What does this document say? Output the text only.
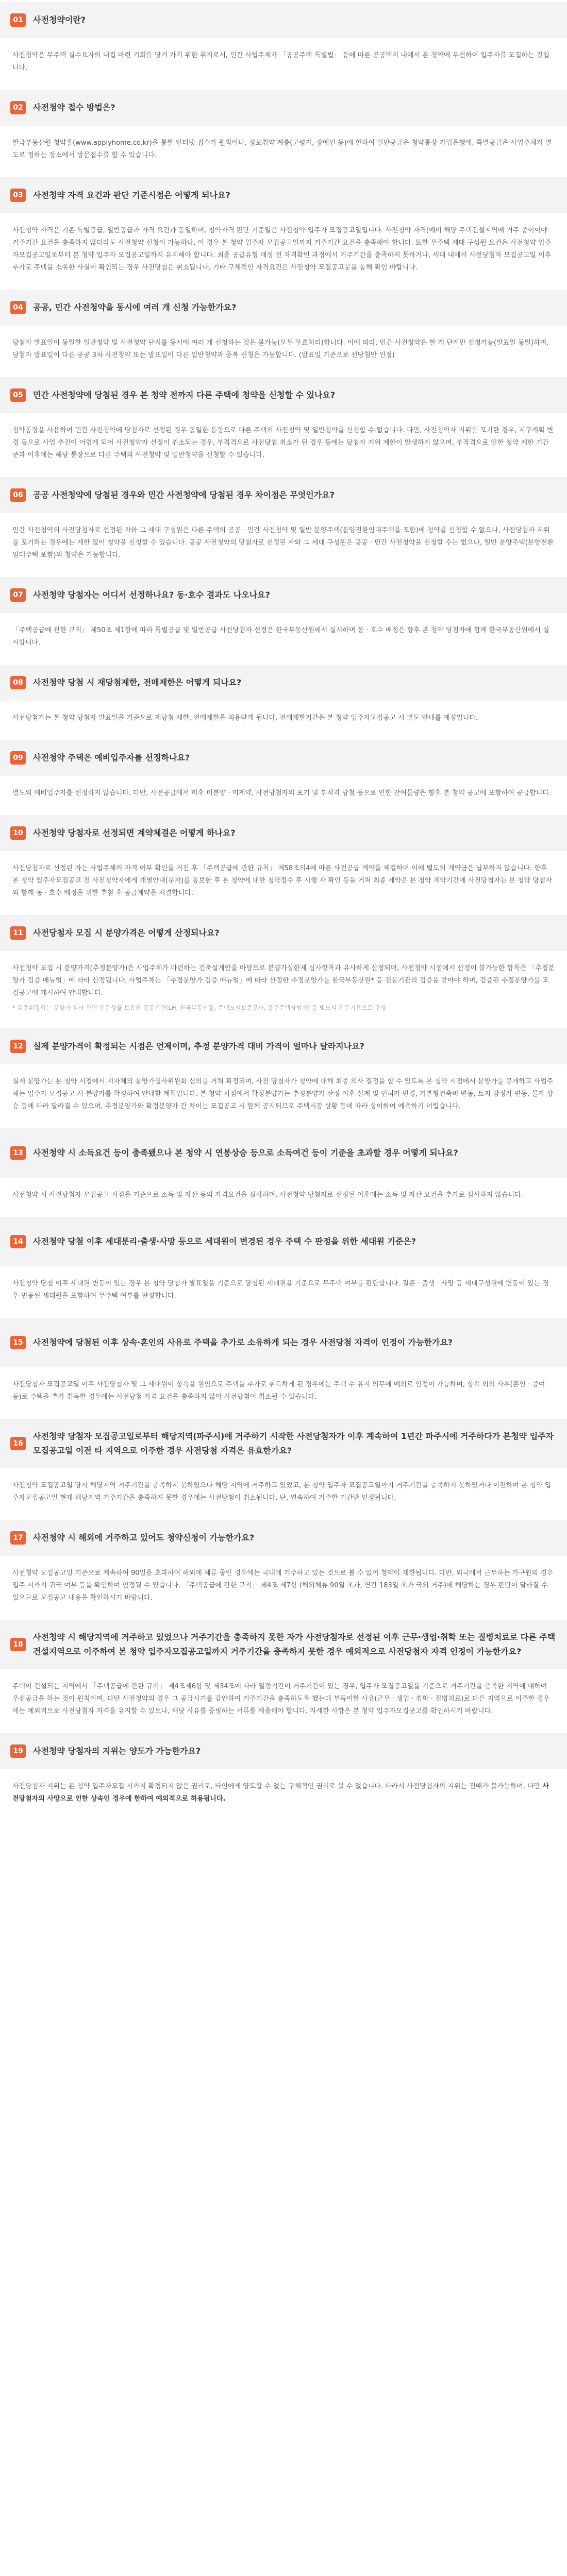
01	사전청약이란?

사전청약은 무주택 실수요자의 내집 마련 기회를 당겨 가기 위한 취지로서, 민간 사업주체가 「공공주택 특별법」 등에 따른 공공택지 내에서 본 청약에 우선하여 입주자를 모집하는 것입니다.

02	사전청약 접수 방법은?

한국부동산원 청약홈(www.applyhome.co.kr)을 통한 인터넷 접수가 원칙이나, 정보취약 계층(고령자, 장애인 등)에 한하여 일반공급은 청약통장 가입은행에, 특별공급은 사업주체가 별도로 정하는 장소에서 방문접수를 할 수 있습니다.

03	사전청약 자격 요건과 판단 기준시점은 어떻게 되나요?

사전청약 자격은 기존 특별공급, 일반공급과 자격 요건과 동일하며, 청약자격 판단 기준일은 사전청약 입주자 모집공고일입니다. 사전청약 자격(예비 해당 주택건설지역에 거주 중이어야 거주기간 요건을 충족하지 않더라도 사전청약 신청이 가능하나, 이 경우 본 청약 입주자 모집공고일까지 거주기간 요건을 충족해야 합니다. 또한 무주택 세대 구성원 요건은 사전청약 입주자모집공고일로부터 본 청약 입주자 모집공고일까지 유지해야 합니다. 최종 공급유형 배정 전 자격확인 과정에서 거주기간을 충족하지 못하거나, 세대 내에서 사전당첨자 모집공고일 이후 추가로 주택을 소유한 사실이 확인되는 경우 사전당첨은 취소됩니다. 기타 구체적인 자격요건은 사전청약 모집공고문을 통해 확인 바랍니다.

04	공공, 민간 사전청약을 동시에 여러 개 신청 가능한가요?

당첨자 발표일이 동일한 일반청약 및 사전청약 단지를 동시에 여러 개 신청하는 것은 불가능(모두 무효처리)합니다. 이에 따라, 민간 사전청약은 한 개 단지만 신청가능(발표일 동일)하며, 당첨자 발표일이 다른 공공 3차 사전청약 또는 발표일이 다른 일반청약과 중복 신청은 가능합니다. (발표일 기준으로 선당첨만 인정)

05	민간 사전청약에 당첨된 경우 본 청약 전까지 다른 주택에 청약을 신청할 수 있나요?

청약통장을 사용하여 민간 사전청약에 당첨자로 선정된 경우 동일한 통장으로 다른 주택의 사전청약 및 일반청약을 신청할 수 없습니다. 다만, 사전청약자 지위를 포기한 경우, 지구계획 변경 등으로 사업 추진이 어렵게 되어 사전청약자 선정이 취소되는 경우, 부적격으로 사전당첨 취소가 된 경우 등에는 당첨자 지위 제한이 발생하지 않으며, 부적격으로 인한 청약 제한 기간 준과 이후에는 해당 통장으로 다른 주택의 사전청약 및 일반청약을 신청할 수 있습니다.

06	공공 사전청약에 당첨된 경우와 민간 사전청약에 당첨된 경우 차이점은 무엇인가요?

민간 사전청약의 사전당첨자로 선정된 자와 그 세대 구성원은 다른 주택의 공공 · 민간 사전청약 및 일반 분양주택(분양전환임대주택을 포함)에 청약을 신청할 수 없으나, 사전당첨자 지위를 포기하는 경우에는 제한 없이 청약을 신청할 수 있습니다. 공공 사전청약의 당첨자로 선정된 자와 그 세대 구성원은 공공 · 민간 사전청약을 신청할 수는 없으나, 일반 분양주택(분양전환 임대주택 포함)의 청약은 가능합니다.

07	사전청약 당첨자는 어디서 선정하나요? 동·호수 결과도 나오나요?

「주택공급에 관한 규칙」 제50조 제1항에 따라 특별공급 및 일반공급 사전당첨자 선정은 한국부동산원에서 실시하며 동 · 호수 배정은 향후 본 청약 당첨자에 함께 한국부동산원에서 실시합니다.

08	사전청약 당첨 시 재당첨제한, 전매제한은 어떻게 되나요?

사전당첨자는 본 청약 당첨자 발표일을 기준으로 재당첨 제한, 전매제한을 적용받게 됩니다. 전매제한기간은 본 청약 입주자모집공고 시 별도 안내를 예정입니다.

09	사전청약 주택은 예비입주자를 선정하나요?

별도의 예비입주자를 선정하지 않습니다. 다만, 사전공급에서 미후 미분양 · 미계약, 사전당첨자의 포기 및 부적격 당첨 등으로 인한 잔여물량은 향후 본 청약 공고에 포함하여 공급합니다.

10	사전청약 당첨자로 선정되면 계약체결은 어떻게 하나요?

사전당첨자로 선정된 자는 사업주체의 자격 여부 확인을 거친 후 「주택공급에 관한 규칙」 제58조의4에 따른 사전공급 계약을 체결하며 이에 별도의 계약금은 납부하지 않습니다. 향후 본 청약 입주자모집공고 전 사전청약자에게 개별안내(문자)를 통보한 후 본 청약에 대한 청약접수 후 시행 자 확인 등을 거쳐 최종 계약은 본 청약 계약기간에 사전당첨자는 본 청약 당첨자와 함께 동 · 호수 배정을 위한 추첨 후 공급계약을 체결합니다.

11	사전당첨자 모집 시 분양가격은 어떻게 산정되나요?

사전청약 모집 시 분양가격(추정분양가)은 사업주체가 마련하는 건축설계안을 바탕으로 분양가상한제 심사항목과 유사하게 산정되며, 사전청약 시점에서 산정이 불가능한 항목은 「추정분양가 검증 매뉴얼」에 따라 산정됩니다. 사업주체는 「추정분양가 검증 매뉴얼」에 따라 산정한 추정분양가를 한국부동산원* 등 전문기관의 검증을 받아야 하며, 검증된 추정분양가를 모집공고에 게시하여 안내합니다.

* 검증위원회는 분양가 심사 관련 전문성을 보유한 공공기관(LH, 한국부동산원, 주택도시보증공사, 공공주택사업자) 등 별도의 전문기관으로 구성

12	실제 분양가격이 확정되는 시점은 언제이며, 추정 분양가격 대비 가격이 얼마나 달라지나요?

실제 분양가는 본 청약 시점에서 지자체의 분양가심사위원회 심의를 거쳐 확정되며, 사전 당첨자가 청약에 대해 최종 의사 결정을 할 수 있도록 본 청약 시점에서 분양가를 공개하고 사업주체는 입주자 모집공고 시 분양가를 확정하여 안내할 계획입니다. 본 청약 시점에서 확정분양가는 추정분양가 산정 이후 설계 및 인허가 변경, 기본형건축비 변동, 토지 감정가 변동, 물가 상승 등에 따라 달라질 수 있으며, 추정분양가와 확정분양가 간 차이는 모집공고 시 함께 공지되므로 주택시장 상황 등에 따라 상이하여 예측하기 어렵습니다.

13	사전청약 시 소득요건 등이 충족됐으나 본 청약 시 연봉상승 등으로 소득여건 등이 기준을 초과할 경우 어떻게 되나요?

사전청약 시 사전당첨자 모집공고 시점을 기준으로 소득 및 자산 등의 자격요건을 심사하며, 사전청약 당첨자로 선정된 이후에는 소득 및 자산 요건을 추가로 심사하지 않습니다.

14	사전청약 당첨 이후 세대분리·출생·사망 등으로 세대원이 변경된 경우 주택 수 판정을 위한 세대원 기준은?

사전청약 당첨 이후 세대원 변동이 있는 경우 본 청약 당첨자 발표일을 기준으로 당첨된 세대원을 기준으로 무주택 여부를 판단합니다. 결혼 · 출생 · 사망 등 세대구성원에 변동이 있는 경우 변동된 세대원을 포함하여 무주택 여부를 판정합니다.

15	사전청약에 당첨된 이후 상속·혼인의 사유로 주택을 추가로 소유하게 되는 경우 사전당첨 자격이 인정이 가능한가요?

사전당첨자 모집공고일 이후 사전당첨자 및 그 세대원이 상속을 원인으로 주택을 추가로 취득하게 된 경우에는 주택 수 유지 의무에 예외로 인정이 가능하며, 상속 외의 사유(혼인 · 증여 등)로 주택을 추가 취득한 경우에는 사전당첨 자격 요건을 충족하지 않아 사전당첨이 취소될 수 있습니다.

16
사전청약 당첨자 모집공고일로부터 해당지역(파주시)에 거주하기 시작한 사전당첨자가 이후 계속하여 1년간 파주시에 거주하다가 본청약 입주자모집공고일 이전 타 지역으로 이주한 경우 사전당첨 자격은 유효한가요?

사전청약 모집공고일 당시 해당지역 거주기간을 충족하지 못하였으나 해당 지역에 거주하고 있었고, 본 청약 입주자 모집공고일까지 거주기간을 충족하지 못하였거나 이전하여 본 청약 입주자모집공고일 현재 해당지역 거주기간을 충족하지 못한 경우에는 사전당첨이 취소됩니다. 단, 연속하여 거주한 기간만 인정됩니다.

17	사전청약 시 해외에 거주하고 있어도 청약신청이 가능한가요?

사전청약 모집공고일 기준으로 계속하여 90일을 초과하여 해외에 체류 중인 경우에는 국내에 거주하고 있는 것으로 볼 수 없어 청약이 제한됩니다. 다만, 외국에서 근무하는 가구원의 경우 입주 시까지 귀국 여부 등을 확인하여 인정될 수 있습니다. 「주택공급에 관한 규칙」 제4조 제7항 (해외체류 90일 초과, 연간 183일 초과 국외 거주)에 해당하는 경우 판단이 달라질 수 있으므로 모집공고 내용을 확인하시기 바랍니다.

18
사전청약 시 해당지역에 거주하고 있었으나 거주기간을 충족하지 못한 자가 사전당첨자로 선정된 이후 근무·생업·취학 또는 질병치료로 다른 주택건설지역으로 이주하여 본 청약 입주자모집공고일까지 거주기간을 충족하지 못한 경우 예외적으로 사전당첨자 자격 인정이 가능한가요?

주택이 건설되는 지역에서 「주택공급에 관한 규칙」 제4조제6항 및 제34조에 따라 일정기간이 거주기간이 있는 경우, 입주자 모집공고일을 기준으로 거주기간을 충족한 지역에 대하여 우선공급을 하는 것이 원칙이며, 다만 사전청약의 경우 그 공급시기를 감안하여 거주기간을 충족하도록 했는데 부득이한 사유(근무 · 생업 · 취학 · 질병치료)로 다른 지역으로 이주한 경우에는 예외적으로 사전당첨자 자격을 유지할 수 있으나, 해당 사유를 증빙하는 서류를 제출해야 합니다. 자세한 사항은 본 청약 입주자모집공고를 확인하시기 바랍니다.

19	사전청약 당첨자의 지위는 양도가 가능한가요?

사전당첨자 지위는 본 청약 입주자모집 시까지 확정되지 않은 권리로, 타인에게 양도할 수 없는 구체적인 권리로 볼 수 없습니다. 따라서 사전당첨자의 지위는 전매가 불가능하며, 다만 사전당첨자의 사망으로 인한 상속인 경우에 한하여 예외적으로 허용됩니다.
